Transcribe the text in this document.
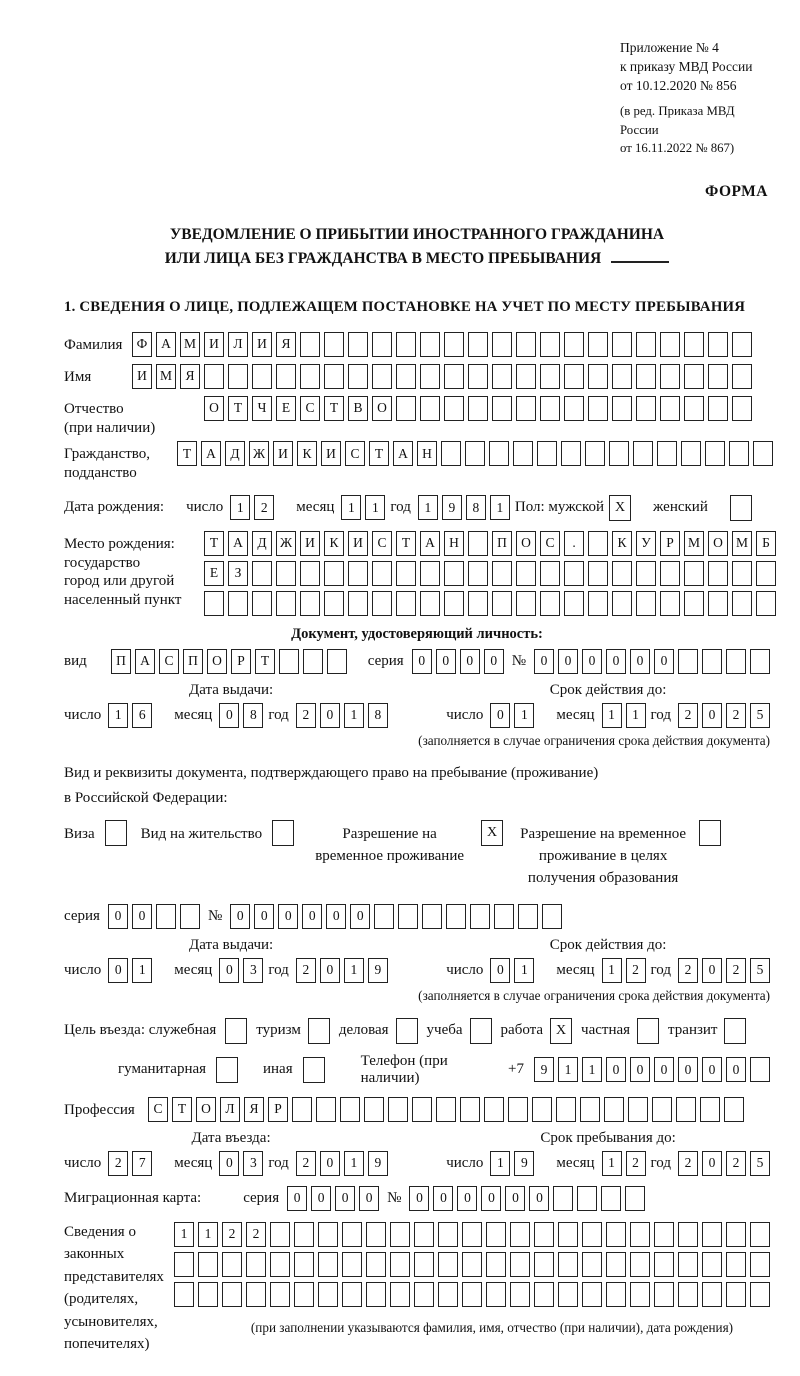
Приложение № 4
к приказу МВД России
от 10.12.2020 № 856
(в ред. Приказа МВД России
от 16.11.2022 № 867)
ФОРМА
УВЕДОМЛЕНИЕ О ПРИБЫТИИ ИНОСТРАННОГО ГРАЖДАНИНА
ИЛИ ЛИЦА БЕЗ ГРАЖДАНСТВА В МЕСТО ПРЕБЫВАНИЯ
1. СВЕДЕНИЯ О ЛИЦЕ, ПОДЛЕЖАЩЕМ ПОСТАНОВКЕ НА УЧЕТ ПО МЕСТУ ПРЕБЫВАНИЯ
Фамилия	Ф	А М И	Л	И	Я
Имя	И М Я
Отчество
(при наличии)
О	Т	Ч	Е	С	Т	В	О
Гражданство,
подданство
Т	А	Д Ж И	К	И	С	Т	А	Н
Дата рождения: число	1	2	месяц	1	1 год	1	9	8	1 Пол: мужской X	женский
Место рождения:
государство
город или другой
населенный пункт
Т	А	Д Ж И	К	И	С	Т	А	Н	П	О	С	.	К	У	Р	М О М	Б
Е	З
Документ, удостоверяющий личность:
вид	П	А	С	П	О	Р	Т	серия	0	0	0	0 №	0	0	0	0	0	0
Дата выдачи:
число	1	6	месяц	0	8 год	2	0	1	8
Срок действия до:
число	0	1	месяц	1	1 год	2	0	2	5
(заполняется в случае ограничения срока действия документа)
Вид и реквизиты документа, подтверждающего право на пребывание (проживание)
в Российской Федерации:
Виза	Вид на жительство	Разрешение на временное проживание
X	Разрешение на временное проживание в целях получения образования
серия	0	0	№	0	0	0	0	0	0
Дата выдачи:
число	0	1	месяц	0	3 год	2	0	1	9
Срок действия до:
число	0	1	месяц	1	2 год	2	0	2	5
(заполняется в случае ограничения срока действия документа)
Цель въезда: служебная	туризм	деловая	учеба	работа X частная	транзит
гуманитарная	иная
Телефон (при наличии)
+7	9	1	1	0	0	0	0	0	0
Профессия	С	Т	О	Л	Я	Р
Дата въезда:
число	2	7	месяц	0	3 год	2	0	1	9
Срок пребывания до:
число	1	9	месяц	1	2 год	2	0	2	5
Миграционная карта:	серия	0	0	0	0 №	0	0	0	0	0	0
Сведения о
законных
представителях
(родителях,
усыновителях,
попечителях)
1	1	2	2
(при заполнении указываются фамилия, имя, отчество (при наличии), дата рождения)
